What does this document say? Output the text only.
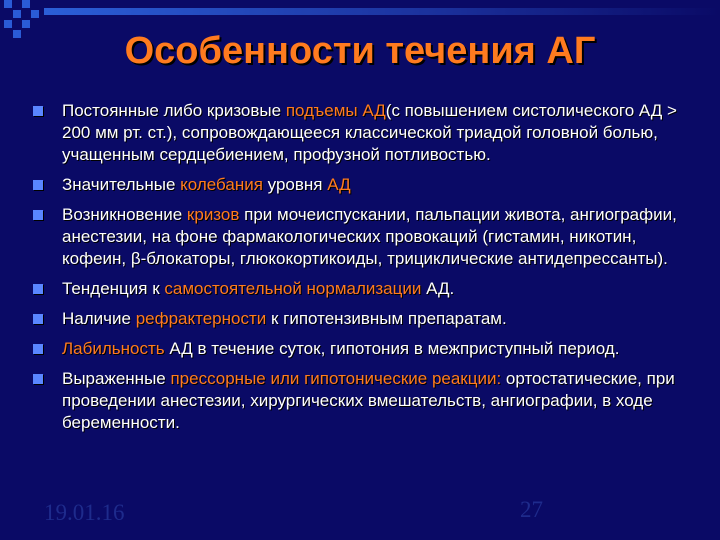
Особенности течения АГ
Постоянные либо кризовые подъемы АД(с повышением систолического АД > 200 мм рт. ст.), сопровождающееся классической триадой головной болью, учащенным сердцебиением, профузной потливостью.
Значительные колебания уровня АД
Возникновение кризов при мочеиспускании, пальпации живота, ангиографии, анестезии, на фоне фармакологических провокаций (гистамин, никотин, кофеин, β-блокаторы, глюкокортикоиды, трициклические антидепрессанты).
Тенденция к самостоятельной нормализации АД.
Наличие рефрактерности к гипотензивным препаратам.
Лабильность АД в течение суток, гипотония в межприступный период.
Выраженные прессорные или гипотонические реакции: ортостатические, при проведении анестезии, хирургических вмешательств, ангиографии, в ходе беременности.
19.01.16	27
